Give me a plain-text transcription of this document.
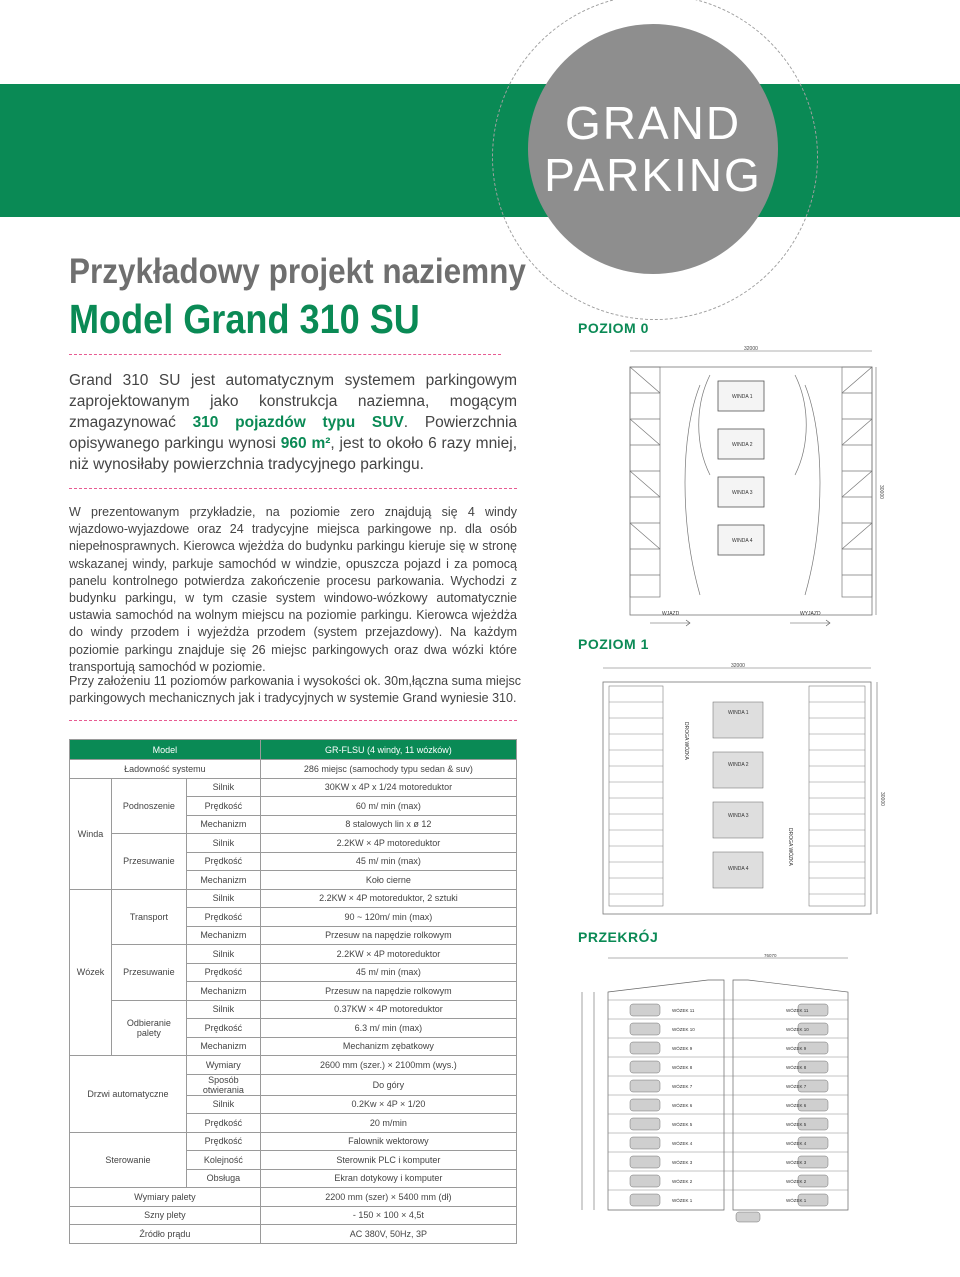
GRAND
PARKING
Przykładowy projekt naziemny
Model Grand 310 SU
Grand 310 SU jest automatycznym systemem parkingowym zaprojektowanym jako konstrukcja naziemna, mogącym zmagazynować 310 pojazdów typu SUV. Powierzchnia opisywanego parkingu wynosi 960 m², jest to około 6 razy mniej, niż wynosiłaby powierzchnia tradycyjnego parkingu.
W prezentowanym przykładzie, na poziomie zero znajdują się 4 windy wjazdowo-wyjazdowe oraz 24 tradycyjne miejsca parkingowe np. dla osób niepełnosprawnych. Kierowca wjeżdża do budynku parkingu kieruje się w stronę wskazanej windy, parkuje samochód w windzie, opuszcza pojazd i za pomocą panelu kontrolnego potwierdza zakończenie procesu parkowania. Wychodzi z budynku parkingu, w tym czasie system windowo-wózkowy automatycznie ustawia samochód na wolnym miejscu na poziomie parkingu. Kierowca wjeżdża do windy przodem i wyjeżdża przodem (system przejazdowy). Na każdym poziomie parkingu znajduje się 26 miejsc parkingowych oraz dwa wózki które transportują samochód w poziomie.
Przy założeniu 11 poziomów parkowania i wysokości ok. 30m,łączna suma miejsc parkingowych mechanicznych jak i tradycyjnych w systemie Grand wyniesie 310.
POZIOM 0
POZIOM 1
PRZEKRÓJ
32000
30000
WINDA 1
WINDA 2
WINDA 3
WINDA 4
WJAZD	WYJAZD
32000
30000
WINDA 1
WINDA 2
WINDA 3
WINDA 4
DROGA WÓZKA
DROGA WÓZKA
76070
WÓZEK 11
WÓZEK 10
WÓZEK 9
WÓZEK 8
WÓZEK 7
WÓZEK 6
WÓZEK 5
WÓZEK 4
WÓZEK 3
WÓZEK 2
WÓZEK 1
WÓZEK 11
WÓZEK 10
WÓZEK 9
WÓZEK 8
WÓZEK 7
WÓZEK 6
WÓZEK 5
WÓZEK 4
WÓZEK 3
WÓZEK 2
WÓZEK 1
Model			GR-FLSU (4 windy, 11 wózków)
Ładowność systemu			286 miejsc (samochody typu sedan & suv)
Winda	Podnoszenie	Silnik	30KW x 4P x 1/24 motoreduktor
		Prędkość	60 m/ min (max)
		Mechanizm	8 stalowych lin x ø 12
	Przesuwanie	Silnik	2.2KW × 4P motoreduktor
		Prędkość	45 m/ min (max)
		Mechanizm	Koło cierne
Wózek	Transport	Silnik	2.2KW × 4P motoreduktor, 2 sztuki
		Prędkość	90 ~ 120m/ min (max)
		Mechanizm	Przesuw na napędzie rolkowym
	Przesuwanie	Silnik	2.2KW × 4P motoreduktor
		Prędkość	45 m/ min (max)
		Mechanizm	Przesuw na napędzie rolkowym
	Odbieranie palety	Silnik	0.37KW × 4P motoreduktor
		Prędkość	6.3 m/ min (max)
		Mechanizm	Mechanizm zębatkowy
Drzwi automatyczne		Wymiary	2600 mm (szer.) × 2100mm (wys.)
		Sposób otwierania	Do góry
		Silnik	0.2Kw × 4P × 1/20
		Prędkość	20 m/min
Sterowanie		Prędkość	Falownik wektorowy
		Kolejność	Sterownik PLC i komputer
		Obsługa	Ekran dotykowy i komputer
Wymiary palety			2200 mm (szer) × 5400 mm (dł)
Szny plety			- 150 × 100 × 4,5t
Źródło prądu			AC 380V, 50Hz, 3P
